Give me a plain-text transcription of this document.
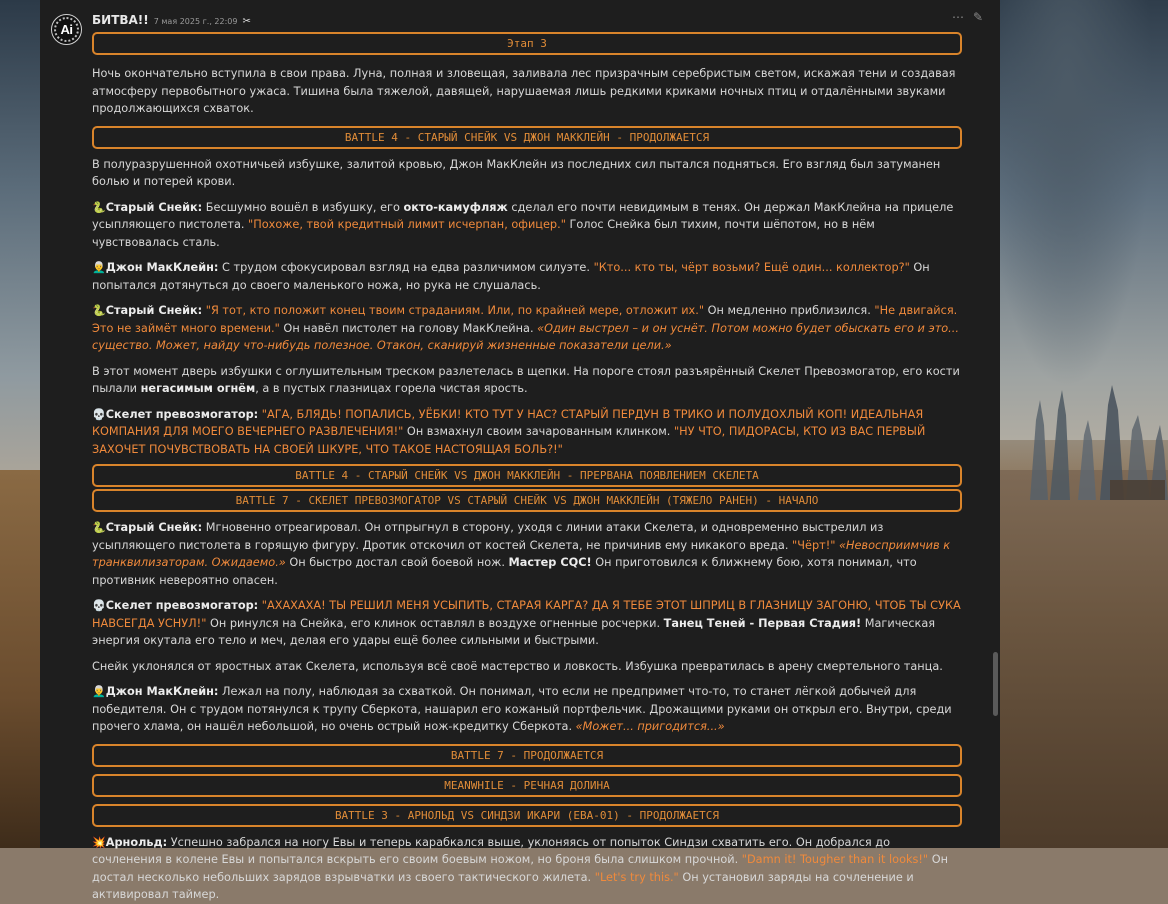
Ai
БИТВА!! 7 мая 2025 г., 22:09 ✂	⋯ ✎
Этап 3

Ночь окончательно вступила в свои права. Луна, полная и зловещая, заливала лес призрачным серебристым светом, искажая тени и создавая атмосферу первобытного ужаса. Тишина была тяжелой, давящей, нарушаемая лишь редкими криками ночных птиц и отдалёнными звуками продолжающихся схваток.

BATTLE 4 - СТАРЫЙ СНЕЙК VS ДЖОН МАККЛЕЙН - ПРОДОЛЖАЕТСЯ

В полуразрушенной охотничьей избушке, залитой кровью, Джон МакКлейн из последних сил пытался подняться. Его взгляд был затуманен болью и потерей крови.

🐍Старый Снейк: Бесшумно вошёл в избушку, его окто-камуфляж сделал его почти невидимым в тенях. Он держал МакКлейна на прицеле усыпляющего пистолета. "Похоже, твой кредитный лимит исчерпан, офицер." Голос Снейка был тихим, почти шёпотом, но в нём чувствовалась сталь.

👨‍🦳Джон МакКлейн: С трудом сфокусировал взгляд на едва различимом силуэте. "Кто... кто ты, чёрт возьми? Ещё один... коллектор?" Он попытался дотянуться до своего маленького ножа, но рука не слушалась.

🐍Старый Снейк: "Я тот, кто положит конец твоим страданиям. Или, по крайней мере, отложит их." Он медленно приблизился. "Не двигайся. Это не займёт много времени." Он навёл пистолет на голову МакКлейна. «Один выстрел – и он уснёт. Потом можно будет обыскать его и это... существо. Может, найду что-нибудь полезное. Отакон, сканируй жизненные показатели цели.»

В этот момент дверь избушки с оглушительным треском разлетелась в щепки. На пороге стоял разъярённый Скелет Превозмогатор, его кости пылали негасимым огнём, а в пустых глазницах горела чистая ярость.

💀Скелет превозмогатор: "АГА, БЛЯДЬ! ПОПАЛИСЬ, УЁБКИ! КТО ТУТ У НАС? СТАРЫЙ ПЕРДУН В ТРИКО И ПОЛУДОХЛЫЙ КОП! ИДЕАЛЬНАЯ КОМПАНИЯ ДЛЯ МОЕГО ВЕЧЕРНЕГО РАЗВЛЕЧЕНИЯ!" Он взмахнул своим зачарованным клинком. "НУ ЧТО, ПИДОРАСЫ, КТО ИЗ ВАС ПЕРВЫЙ ЗАХОЧЕТ ПОЧУВСТВОВАТЬ НА СВОЕЙ ШКУРЕ, ЧТО ТАКОЕ НАСТОЯЩАЯ БОЛЬ?!"

BATTLE 4 - СТАРЫЙ СНЕЙК VS ДЖОН МАККЛЕЙН - ПРЕРВАНА ПОЯВЛЕНИЕМ СКЕЛЕТА
BATTLE 7 - СКЕЛЕТ ПРЕВОЗМОГАТОР VS СТАРЫЙ СНЕЙК VS ДЖОН МАККЛЕЙН (ТЯЖЕЛО РАНЕН) - НАЧАЛО

🐍Старый Снейк: Мгновенно отреагировал. Он отпрыгнул в сторону, уходя с линии атаки Скелета, и одновременно выстрелил из усыпляющего пистолета в горящую фигуру. Дротик отскочил от костей Скелета, не причинив ему никакого вреда. "Чёрт!" «Невосприимчив к транквилизаторам. Ожидаемо.» Он быстро достал свой боевой нож. Мастер CQC! Он приготовился к ближнему бою, хотя понимал, что противник невероятно опасен.

💀Скелет превозмогатор: "АХАХАХА! ТЫ РЕШИЛ МЕНЯ УСЫПИТЬ, СТАРАЯ КАРГА? ДА Я ТЕБЕ ЭТОТ ШПРИЦ В ГЛАЗНИЦУ ЗАГОНЮ, ЧТОБ ТЫ СУКА НАВСЕГДА УСНУЛ!" Он ринулся на Снейка, его клинок оставлял в воздухе огненные росчерки. Танец Теней - Первая Стадия! Магическая энергия окутала его тело и меч, делая его удары ещё более сильными и быстрыми.

Снейк уклонялся от яростных атак Скелета, используя всё своё мастерство и ловкость. Избушка превратилась в арену смертельного танца.

👨‍🦳Джон МакКлейн: Лежал на полу, наблюдая за схваткой. Он понимал, что если не предпримет что-то, то станет лёгкой добычей для победителя. Он с трудом потянулся к трупу Сберкота, нашарил его кожаный портфельчик. Дрожащими руками он открыл его. Внутри, среди прочего хлама, он нашёл небольшой, но очень острый нож-кредитку Сберкота. «Может... пригодится...»

BATTLE 7 - ПРОДОЛЖАЕТСЯ
MEANWHILE - РЕЧНАЯ ДОЛИНА
BATTLE 3 - АРНОЛЬД VS СИНДЗИ ИКАРИ (ЕВА-01) - ПРОДОЛЖАЕТСЯ

💥Арнольд: Успешно забрался на ногу Евы и теперь карабкался выше, уклоняясь от попыток Синдзи схватить его. Он добрался до сочленения в колене Евы и попытался вскрыть его своим боевым ножом, но броня была слишком прочной. "Damn it! Tougher than it looks!" Он достал несколько небольших зарядов взрывчатки из своего тактического жилета. "Let's try this." Он установил заряды на сочленение и активировал таймер.
